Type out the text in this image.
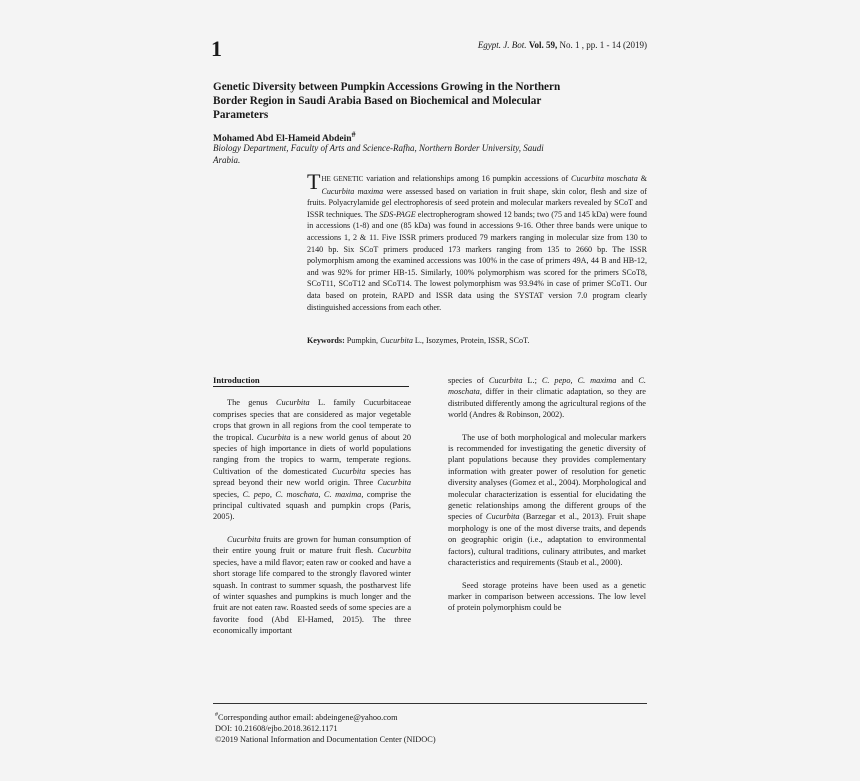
1	Egypt. J. Bot. Vol. 59, No. 1 , pp. 1 - 14 (2019)
Genetic Diversity between Pumpkin Accessions Growing in the Northern Border Region in Saudi Arabia Based on Biochemical and Molecular Parameters
Mohamed Abd El-Hameid Abdein#
Biology Department, Faculty of Arts and Science-Rafha, Northern Border University, Saudi Arabia.
THE GENETIC variation and relationships among 16 pumpkin accessions of Cucurbita moschata & Cucurbita maxima were assessed based on variation in fruit shape, skin color, flesh and size of fruits. Polyacrylamide gel electrophoresis of seed protein and molecular markers revealed by SCoT and ISSR techniques. The SDS-PAGE electropherogram showed 12 bands; two (75 and 145 kDa) were found in accessions (1-8) and one (85 kDa) was found in accessions 9-16. Other three bands were unique to accessions 1, 2 & 11. Five ISSR primers produced 79 markers ranging in molecular size from 130 to 2140 bp. Six SCoT primers produced 173 markers ranging from 135 to 2660 bp. The ISSR polymorphism among the examined accessions was 100% in the case of primers 49A, 44 B and HB-12, and was 92% for primer HB-15. Similarly, 100% polymorphism was scored for the primers SCoT8, SCoT11, SCoT12 and SCoT14. The lowest polymorphism was 93.94% in case of primer SCoT1. Our data based on protein, RAPD and ISSR data using the SYSTAT version 7.0 program clearly distinguished accessions from each other.
Keywords: Pumpkin, Cucurbita L., Isozymes, Protein, ISSR, SCoT.
Introduction

The genus Cucurbita L. family Cucurbitaceae comprises species that are considered as major vegetable crops that grown in all regions from the cool temperate to the tropical. Cucurbita is a new world genus of about 20 species of high importance in diets of world populations ranging from the tropics to warm, temperate regions. Cultivation of the domesticated Cucurbita species has spread beyond their new world origin. Three Cucurbita species, C. pepo, C. moschata, C. maxima, comprise the principal cultivated squash and pumpkin crops (Paris, 2005).

Cucurbita fruits are grown for human consumption of their entire young fruit or mature fruit flesh. Cucurbita species, have a mild flavor; eaten raw or cooked and have a short storage life compared to the strongly flavored winter squash. In contrast to summer squash, the postharvest life of winter squashes and pumpkins is much longer and the fruit are not eaten raw. Roasted seeds of some species are a favorite food (Abd El-Hamed, 2015). The three economically important

species of Cucurbita L.; C. pepo, C. maxima and C. moschata, differ in their climatic adaptation, so they are distributed differently among the agricultural regions of the world (Andres & Robinson, 2002).

The use of both morphological and molecular markers is recommended for investigating the genetic diversity of plant populations because they provides complementary information with greater power of resolution for genetic diversity analyses (Gomez et al., 2004). Morphological and molecular characterization is essential for elucidating the genetic relationships among the different groups of the species of Cucurbita (Barzegar et al., 2013). Fruit shape morphology is one of the most diverse traits, and depends on geographic origin (i.e., adaptation to environmental factors), cultural traditions, culinary attributes, and market characteristics and requirements (Staub et al., 2000).

Seed storage proteins have been used as a genetic marker in comparison between accessions. The low level of protein polymorphism could be

#Corresponding author email: abdeingene@yahoo.com
DOI: 10.21608/ejbo.2018.3612.1171
©2019 National Information and Documentation Center (NIDOC)
